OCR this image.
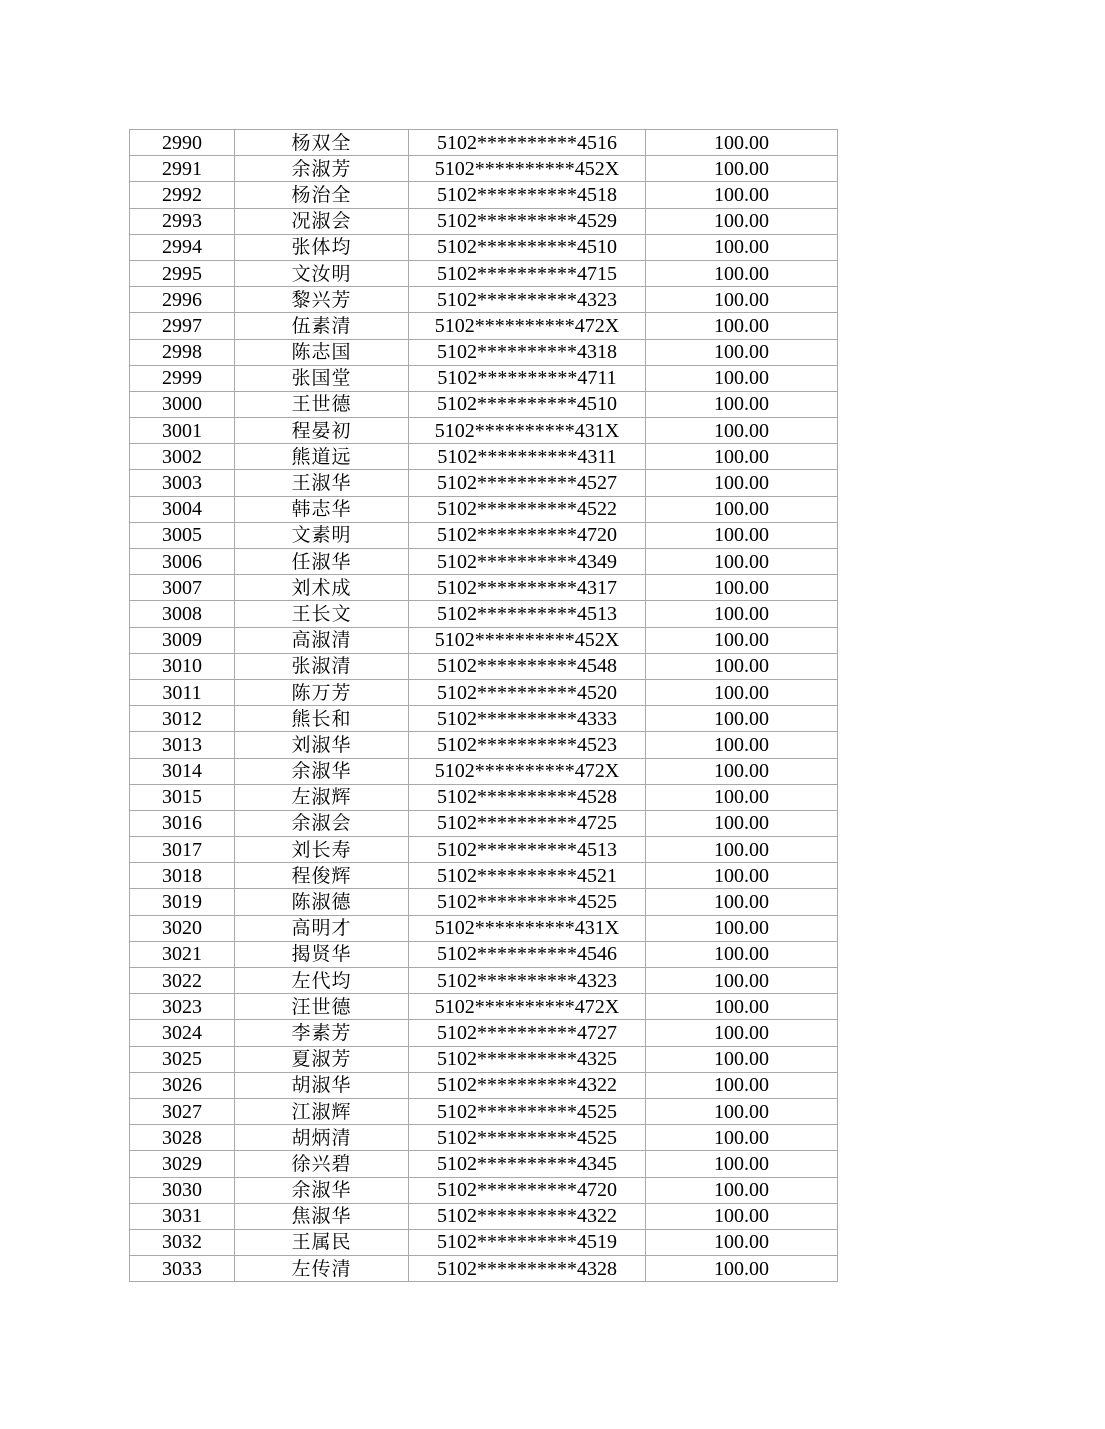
2990	杨双全	5102**********4516	100.00
2991	余淑芳	5102**********452X	100.00
2992	杨治全	5102**********4518	100.00
2993	况淑会	5102**********4529	100.00
2994	张体均	5102**********4510	100.00
2995	文汝明	5102**********4715	100.00
2996	黎兴芳	5102**********4323	100.00
2997	伍素清	5102**********472X	100.00
2998	陈志国	5102**********4318	100.00
2999	张国堂	5102**********4711	100.00
3000	王世德	5102**********4510	100.00
3001	程晏初	5102**********431X	100.00
3002	熊道远	5102**********4311	100.00
3003	王淑华	5102**********4527	100.00
3004	韩志华	5102**********4522	100.00
3005	文素明	5102**********4720	100.00
3006	任淑华	5102**********4349	100.00
3007	刘术成	5102**********4317	100.00
3008	王长文	5102**********4513	100.00
3009	高淑清	5102**********452X	100.00
3010	张淑清	5102**********4548	100.00
3011	陈万芳	5102**********4520	100.00
3012	熊长和	5102**********4333	100.00
3013	刘淑华	5102**********4523	100.00
3014	余淑华	5102**********472X	100.00
3015	左淑辉	5102**********4528	100.00
3016	余淑会	5102**********4725	100.00
3017	刘长寿	5102**********4513	100.00
3018	程俊辉	5102**********4521	100.00
3019	陈淑德	5102**********4525	100.00
3020	高明才	5102**********431X	100.00
3021	揭贤华	5102**********4546	100.00
3022	左代均	5102**********4323	100.00
3023	汪世德	5102**********472X	100.00
3024	李素芳	5102**********4727	100.00
3025	夏淑芳	5102**********4325	100.00
3026	胡淑华	5102**********4322	100.00
3027	江淑辉	5102**********4525	100.00
3028	胡炳清	5102**********4525	100.00
3029	徐兴碧	5102**********4345	100.00
3030	余淑华	5102**********4720	100.00
3031	焦淑华	5102**********4322	100.00
3032	王属民	5102**********4519	100.00
3033	左传清	5102**********4328	100.00
